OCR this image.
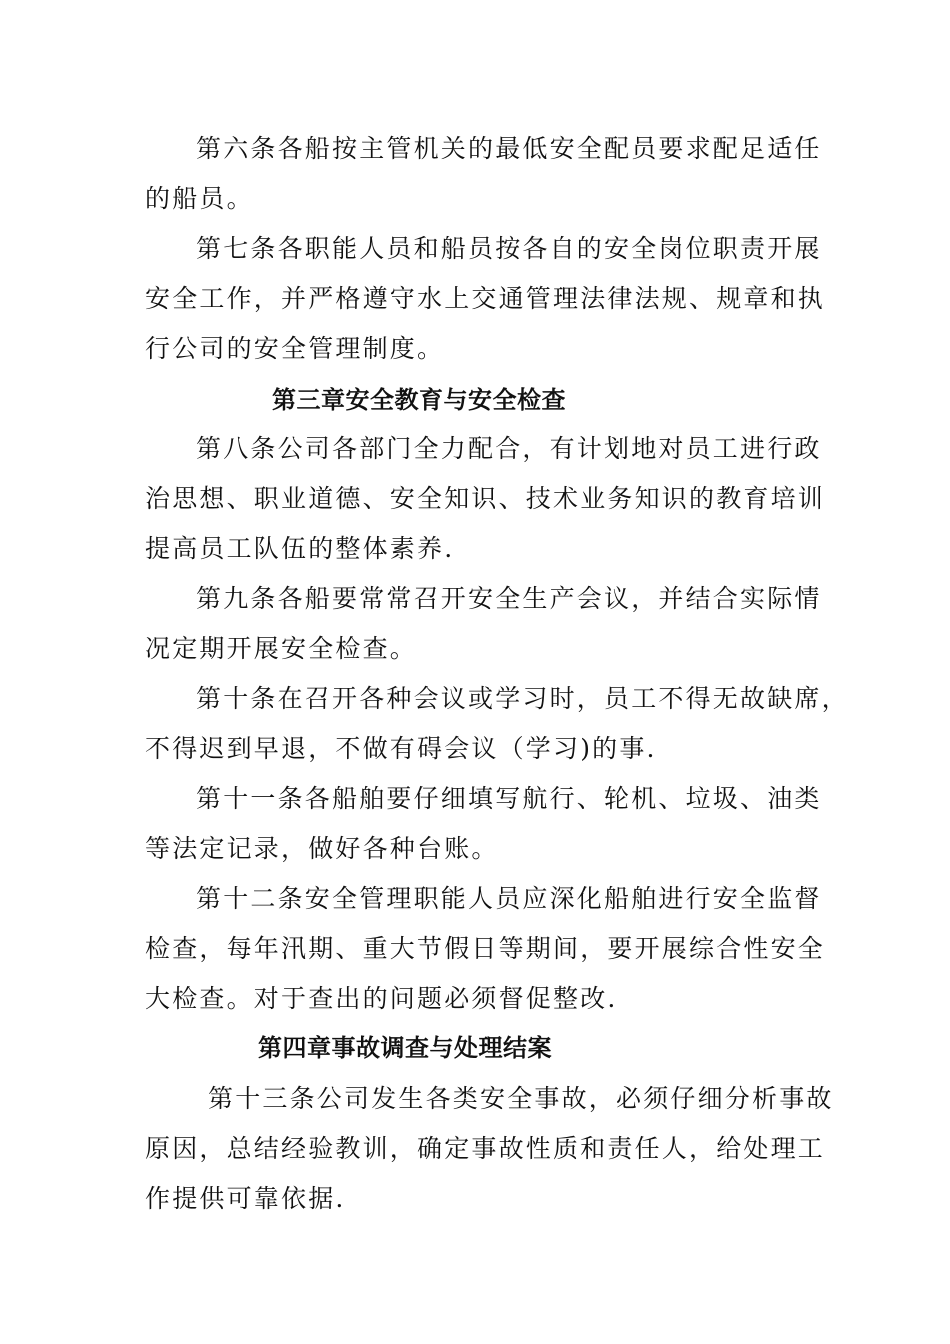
第六条各船按主管机关的最低安全配员要求配足适任
的船员。
第七条各职能人员和船员按各自的安全岗位职责开展
安全工作，并严格遵守水上交通管理法律法规、规章和执
行公司的安全管理制度。
第三章安全教育与安全检查
第八条公司各部门全力配合，有计划地对员工进行政
治思想、职业道德、安全知识、技术业务知识的教育培训
提高员工队伍的整体素养.
第九条各船要常常召开安全生产会议，并结合实际情
况定期开展安全检查。
第十条在召开各种会议或学习时，员工不得无故缺席，
不得迟到早退，不做有碍会议（学习)的事.
第十一条各船舶要仔细填写航行、轮机、垃圾、油类
等法定记录，做好各种台账。
第十二条安全管理职能人员应深化船舶进行安全监督
检查，每年汛期、重大节假日等期间，要开展综合性安全
大检查。对于查出的问题必须督促整改.
第四章事故调查与处理结案
第十三条公司发生各类安全事故，必须仔细分析事故
原因，总结经验教训，确定事故性质和责任人，给处理工
作提供可靠依据.
